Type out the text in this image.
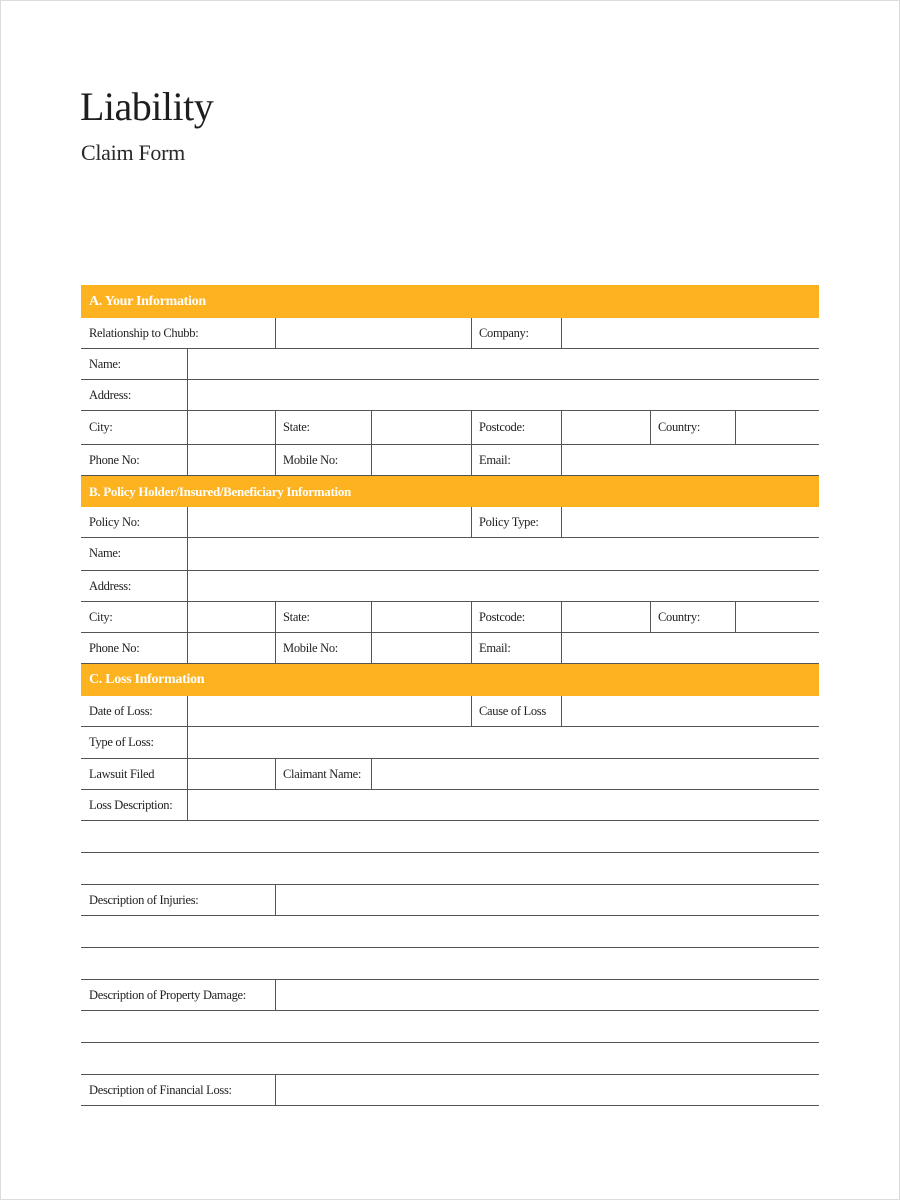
Liability
Claim Form
A. Your Information
Relationship to Chubb:	Company:
Name:
Address:
City:	State:	Postcode:	Country:
Phone No:	Mobile No:	Email:
B. Policy Holder/Insured/Beneficiary Information
Policy No:	Policy Type:
Name:
Address:
City:	State:	Postcode:	Country:
Phone No:	Mobile No:	Email:
C. Loss Information
Date of Loss:	Cause of Loss
Type of Loss:
Lawsuit Filed	Claimant Name:
Loss Description:
Description of Injuries:
Description of Property Damage:
Description of Financial Loss:
